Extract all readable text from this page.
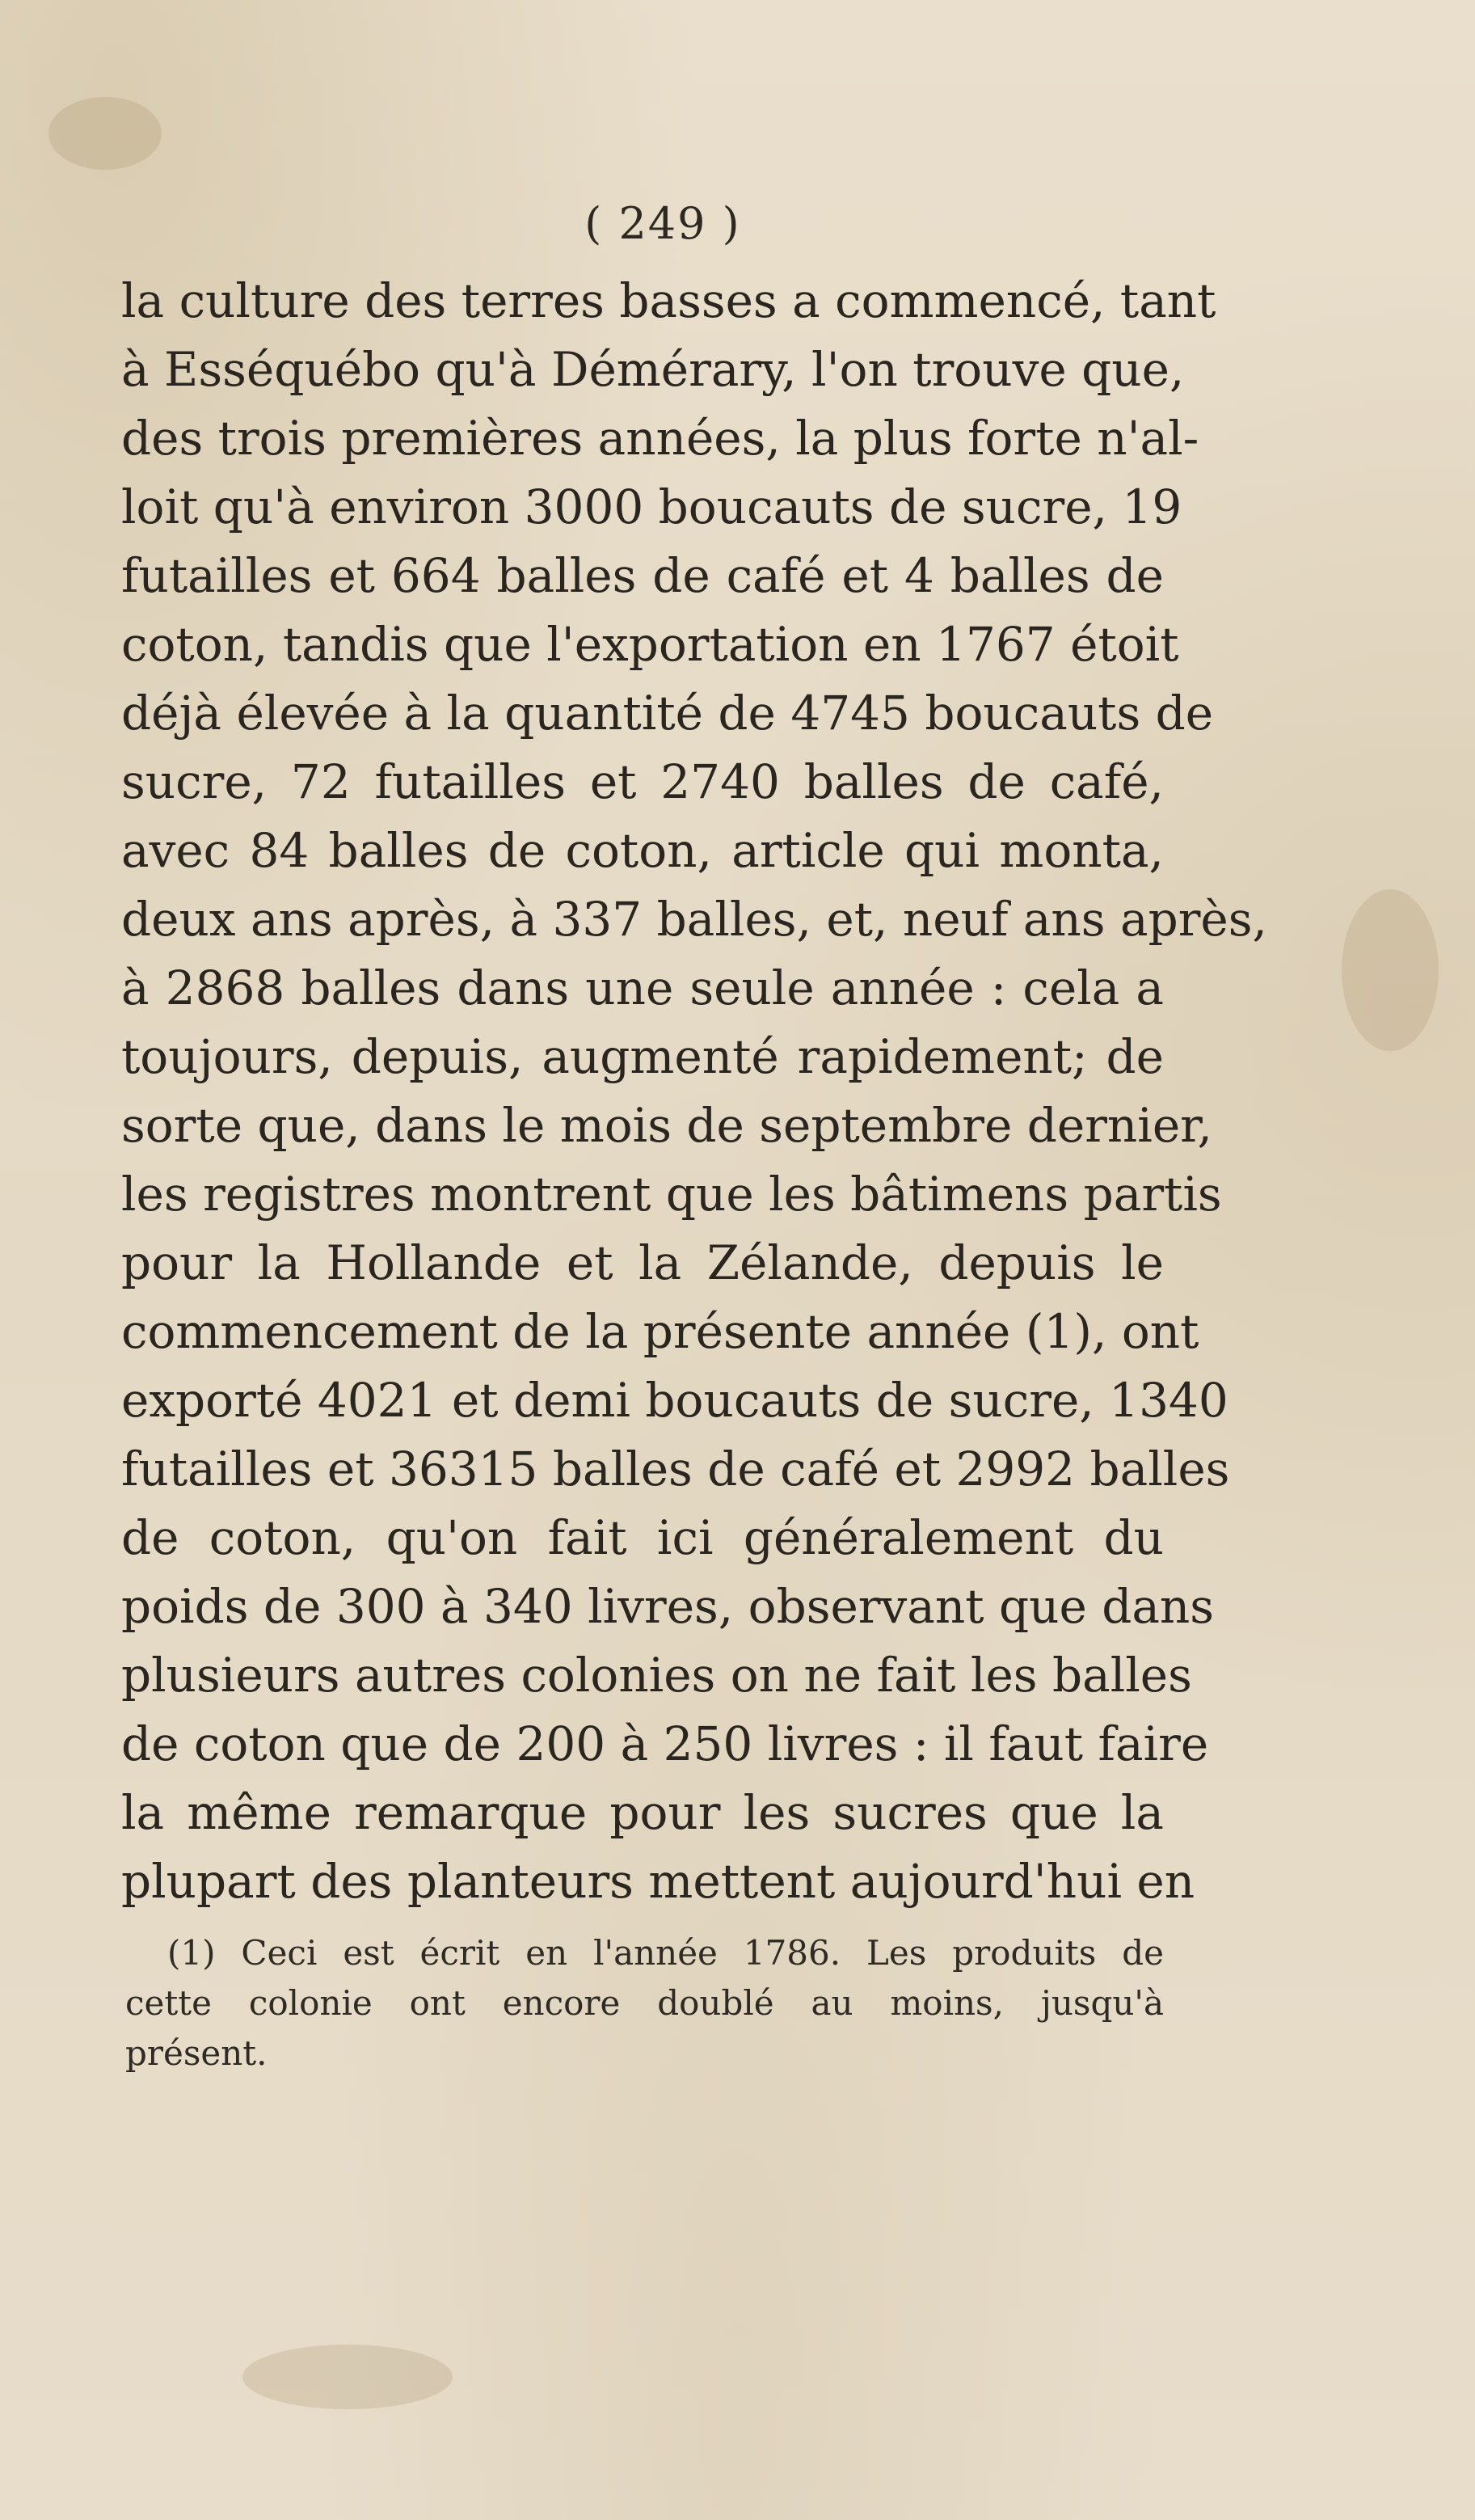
( 249 )
la culture des terres basses a commencé, tant
à Esséquébo qu'à Démérary, l'on trouve que,
des trois premières années, la plus forte n'al-
loit qu'à environ 3000 boucauts de sucre, 19
futailles et 664 balles de café et 4 balles de
coton, tandis que l'exportation en 1767 étoit
déjà élevée à la quantité de 4745 boucauts de
sucre, 72 futailles et 2740 balles de café,
avec 84 balles de coton, article qui monta,
deux ans après, à 337 balles, et, neuf ans après,
à 2868 balles dans une seule année : cela a
toujours, depuis, augmenté rapidement; de
sorte que, dans le mois de septembre dernier,
les registres montrent que les bâtimens partis
pour la Hollande et la Zélande, depuis le
commencement de la présente année (1), ont
exporté 4021 et demi boucauts de sucre, 1340
futailles et 36315 balles de café et 2992 balles
de coton, qu'on fait ici généralement du
poids de 300 à 340 livres, observant que dans
plusieurs autres colonies on ne fait les balles
de coton que de 200 à 250 livres : il faut faire
la même remarque pour les sucres que la
plupart des planteurs mettent aujourd'hui en
(1) Ceci est écrit en l'année 1786. Les produits de
cette colonie ont encore doublé au moins, jusqu'à
présent.
